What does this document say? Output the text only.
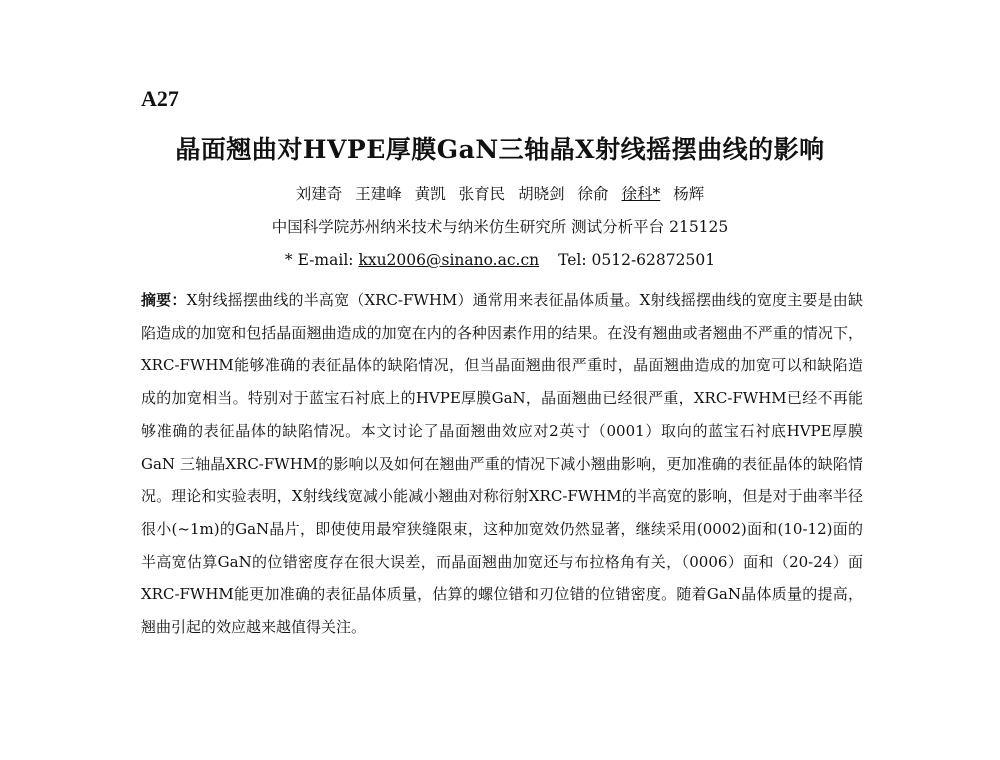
A27
晶面翘曲对HVPE厚膜GaN三轴晶X射线摇摆曲线的影响
刘建奇 王建峰 黄凯 张育民 胡晓剑 徐俞 徐科* 杨辉
中国科学院苏州纳米技术与纳米仿生研究所 测试分析平台 215125
* E-mail: kxu2006@sinano.ac.cn Tel: 0512-62872501

摘要：X射线摇摆曲线的半高宽（XRC-FWHM）通常用来表征晶体质量。X射线摇摆曲线的宽度主要是由缺陷造成的加宽和包括晶面翘曲造成的加宽在内的各种因素作用的结果。在没有翘曲或者翘曲不严重的情况下，XRC-FWHM能够准确的表征晶体的缺陷情况，但当晶面翘曲很严重时，晶面翘曲造成的加宽可以和缺陷造成的加宽相当。特别对于蓝宝石衬底上的HVPE厚膜GaN，晶面翘曲已经很严重，XRC-FWHM已经不再能够准确的表征晶体的缺陷情况。本文讨论了晶面翘曲效应对2英寸（0001）取向的蓝宝石衬底HVPE厚膜GaN 三轴晶XRC-FWHM的影响以及如何在翘曲严重的情况下减小翘曲影响，更加准确的表征晶体的缺陷情况。理论和实验表明，X射线线宽减小能减小翘曲对称衍射XRC-FWHM的半高宽的影响，但是对于曲率半径很小(~1m)的GaN晶片，即使使用最窄狭缝限束，这种加宽效仍然显著，继续采用(0002)面和(10-12)面的半高宽估算GaN的位错密度存在很大误差，而晶面翘曲加宽还与布拉格角有关，（0006）面和（20-24）面XRC-FWHM能更加准确的表征晶体质量，估算的螺位错和刃位错的位错密度。随着GaN晶体质量的提高，翘曲引起的效应越来越值得关注。
